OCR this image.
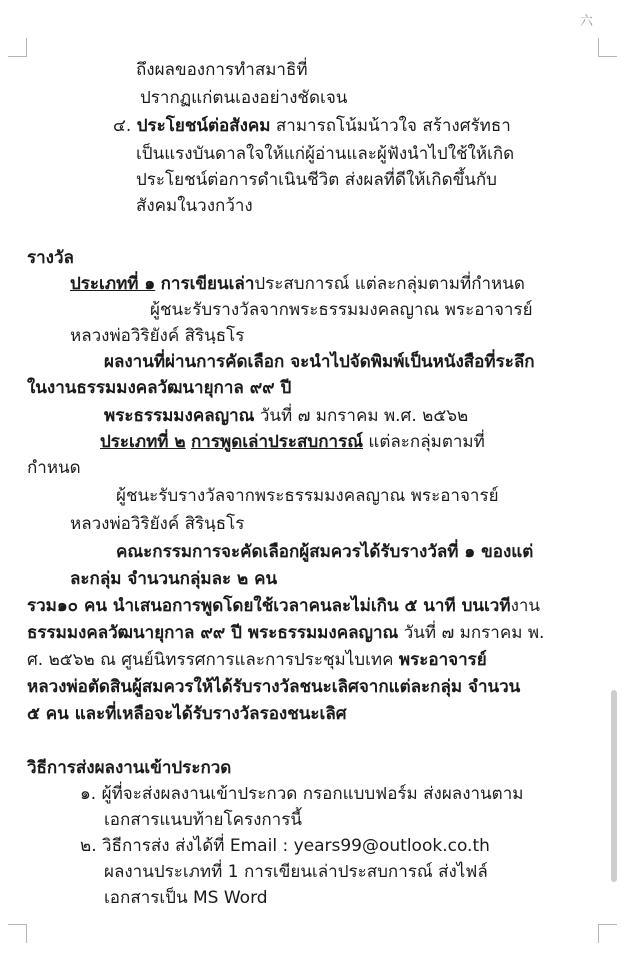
六
ถึงผลของการทำสมาธิที่
ปรากฏแก่ตนเองอย่างชัดเจน
๔. ประโยชน์ต่อสังคม สามารถโน้มน้าวใจ สร้างศรัทธา
เป็นแรงบันดาลใจให้แก่ผู้อ่านและผู้ฟังนำไปใช้ให้เกิด
ประโยชน์ต่อการดำเนินชีวิต ส่งผลที่ดีให้เกิดขึ้นกับ
สังคมในวงกว้าง
รางวัล
ประเภทที่ ๑ การเขียนเล่าประสบการณ์ แต่ละกลุ่มตามที่กำหนด
ผู้ชนะรับรางวัลจากพระธรรมมงคลญาณ พระอาจารย์
หลวงพ่อวิริยังค์ สิรินฺธโร
ผลงานที่ผ่านการคัดเลือก จะนำไปจัดพิมพ์เป็นหนังสือที่ระลึก
ในงานธรรมมงคลวัฒนายุกาล ๙๙ ปี
พระธรรมมงคลญาณ วันที่ ๗ มกราคม พ.ศ. ๒๕๖๒
ประเภทที่ ๒ การพูดเล่าประสบการณ์ แต่ละกลุ่มตามที่
กำหนด
ผู้ชนะรับรางวัลจากพระธรรมมงคลญาณ พระอาจารย์
หลวงพ่อวิริยังค์ สิรินฺธโร
คณะกรรมการจะคัดเลือกผู้สมควรได้รับรางวัลที่ ๑ ของแต่
ละกลุ่ม จำนวนกลุ่มละ ๒ คน
รวม๑๐ คน นำเสนอการพูดโดยใช้เวลาคนละไม่เกิน ๕ นาที บนเวทีงาน
ธรรมมงคลวัฒนายุกาล ๙๙ ปี พระธรรมมงคลญาณ วันที่ ๗ มกราคม พ.
ศ. ๒๕๖๒ ณ ศูนย์นิทรรศการและการประชุมไบเทค พระอาจารย์
หลวงพ่อตัดสินผู้สมควรให้ได้รับรางวัลชนะเลิศจากแต่ละกลุ่ม จำนวน
๕ คน และที่เหลือจะได้รับรางวัลรองชนะเลิศ
วิธีการส่งผลงานเข้าประกวด
๑. ผู้ที่จะส่งผลงานเข้าประกวด กรอกแบบฟอร์ม ส่งผลงานตาม
เอกสารแนบท้ายโครงการนี้
๒. วิธีการส่ง ส่งได้ที่ Email : years99@outlook.co.th
ผลงานประเภทที่ 1 การเขียนเล่าประสบการณ์ ส่งไฟล์
เอกสารเป็น MS Word
